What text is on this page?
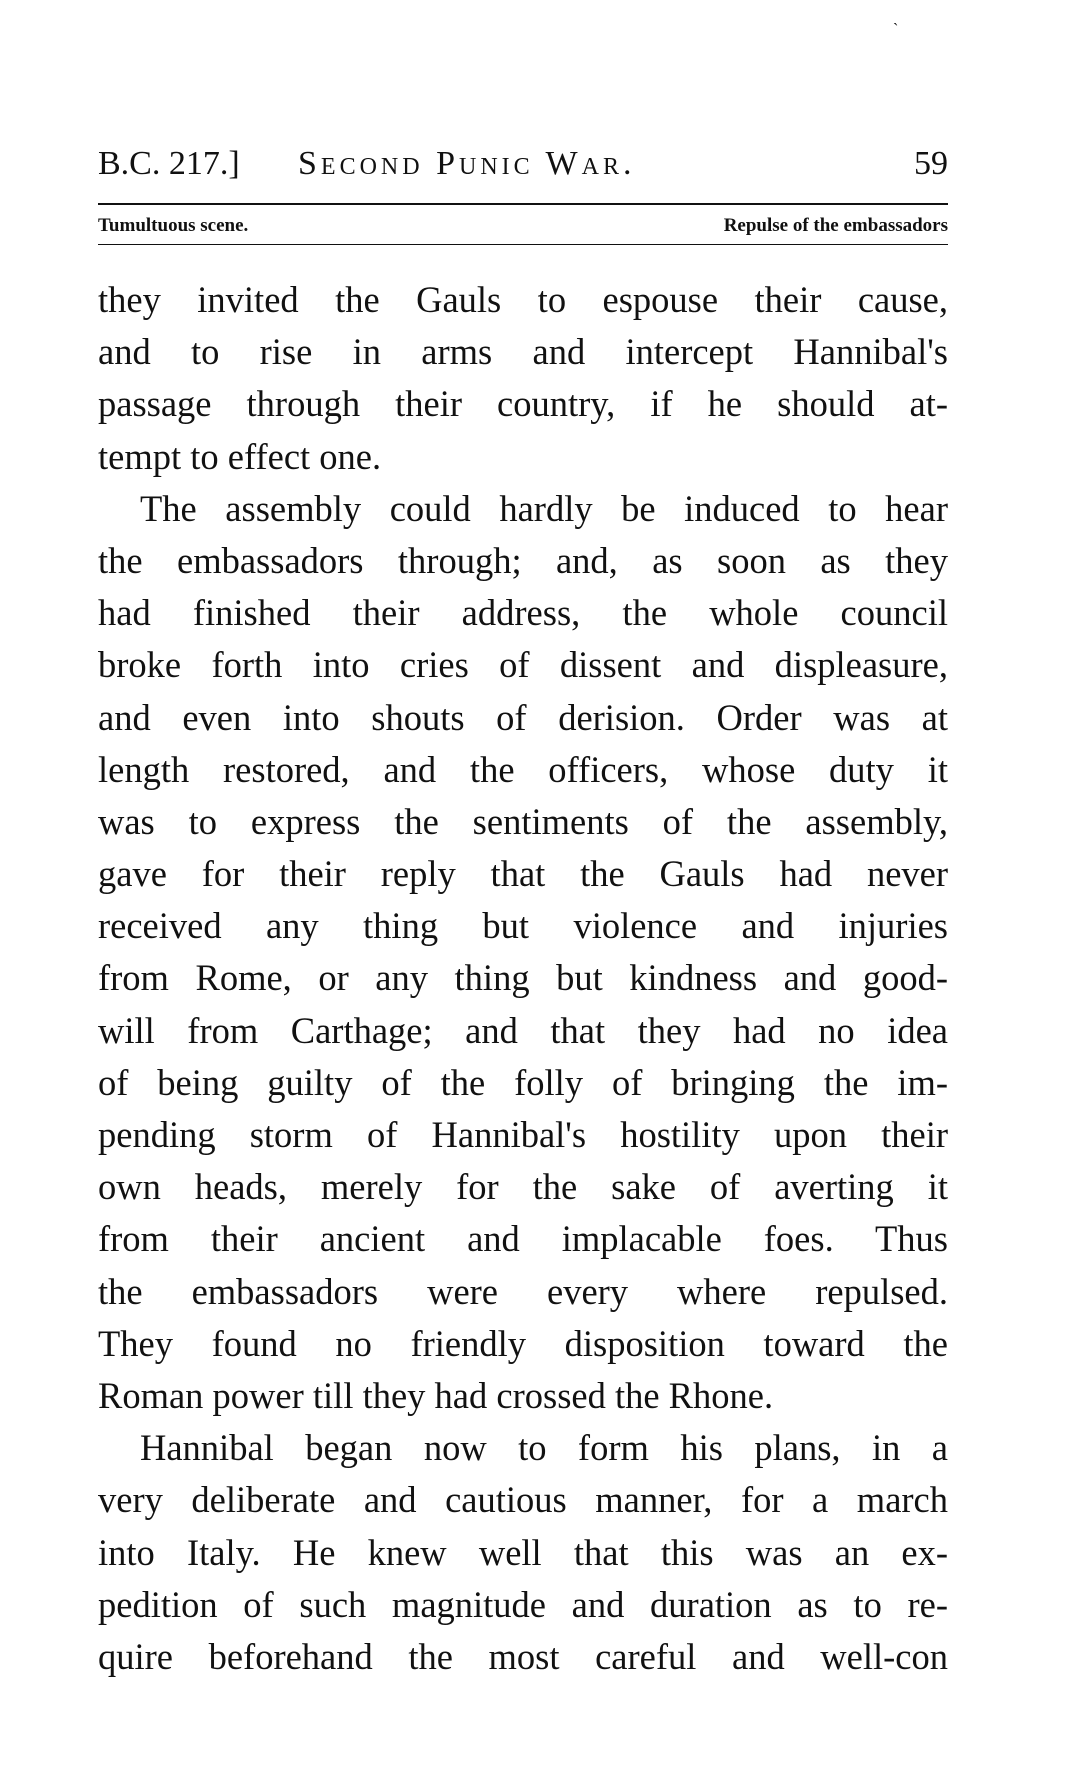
`
B.C. 217.] Second Punic War.	59
Tumultuous scene.	Repulse of the embassadors
they invited the Gauls to espouse their cause,
and to rise in arms and intercept Hannibal's
passage through their country, if he should at-
tempt to effect one.
The assembly could hardly be induced to hear
the embassadors through; and, as soon as they
had finished their address, the whole council
broke forth into cries of dissent and displeasure,
and even into shouts of derision. Order was at
length restored, and the officers, whose duty it
was to express the sentiments of the assembly,
gave for their reply that the Gauls had never
received any thing but violence and injuries
from Rome, or any thing but kindness and good-
will from Carthage; and that they had no idea
of being guilty of the folly of bringing the im-
pending storm of Hannibal's hostility upon their
own heads, merely for the sake of averting it
from their ancient and implacable foes. Thus
the embassadors were every where repulsed.
They found no friendly disposition toward the
Roman power till they had crossed the Rhone.
Hannibal began now to form his plans, in a
very deliberate and cautious manner, for a march
into Italy. He knew well that this was an ex-
pedition of such magnitude and duration as to re-
quire beforehand the most careful and well-con
